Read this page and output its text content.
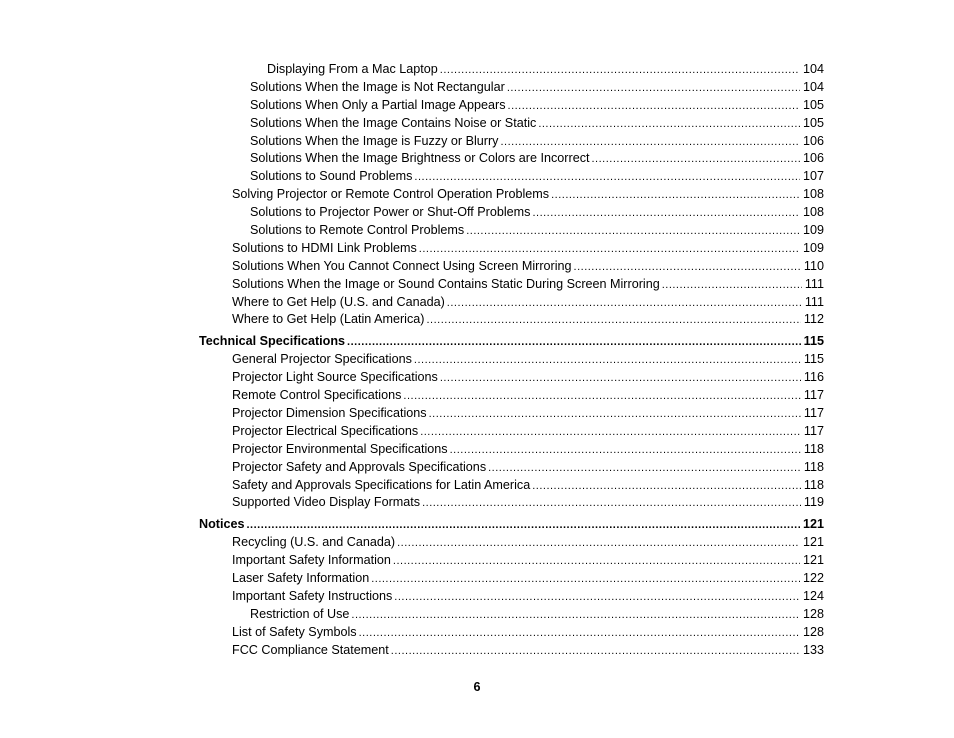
Displaying From a Mac Laptop .....	104
Solutions When the Image is Not Rectangular .....	104
Solutions When Only a Partial Image Appears .....	105
Solutions When the Image Contains Noise or Static .....	105
Solutions When the Image is Fuzzy or Blurry .....	106
Solutions When the Image Brightness or Colors are Incorrect .....	106
Solutions to Sound Problems .....	107
Solving Projector or Remote Control Operation Problems .....	108
Solutions to Projector Power or Shut-Off Problems .....	108
Solutions to Remote Control Problems .....	109
Solutions to HDMI Link Problems .....	109
Solutions When You Cannot Connect Using Screen Mirroring .....	110
Solutions When the Image or Sound Contains Static During Screen Mirroring .....	111
Where to Get Help (U.S. and Canada) .....	111
Where to Get Help (Latin America) .....	112
Technical Specifications .....	115
General Projector Specifications .....	115
Projector Light Source Specifications .....	116
Remote Control Specifications .....	117
Projector Dimension Specifications .....	117
Projector Electrical Specifications .....	117
Projector Environmental Specifications .....	118
Projector Safety and Approvals Specifications .....	118
Safety and Approvals Specifications for Latin America .....	118
Supported Video Display Formats .....	119
Notices .....	121
Recycling (U.S. and Canada) .....	121
Important Safety Information .....	121
Laser Safety Information .....	122
Important Safety Instructions .....	124
Restriction of Use .....	128
List of Safety Symbols .....	128
FCC Compliance Statement .....	133
6
